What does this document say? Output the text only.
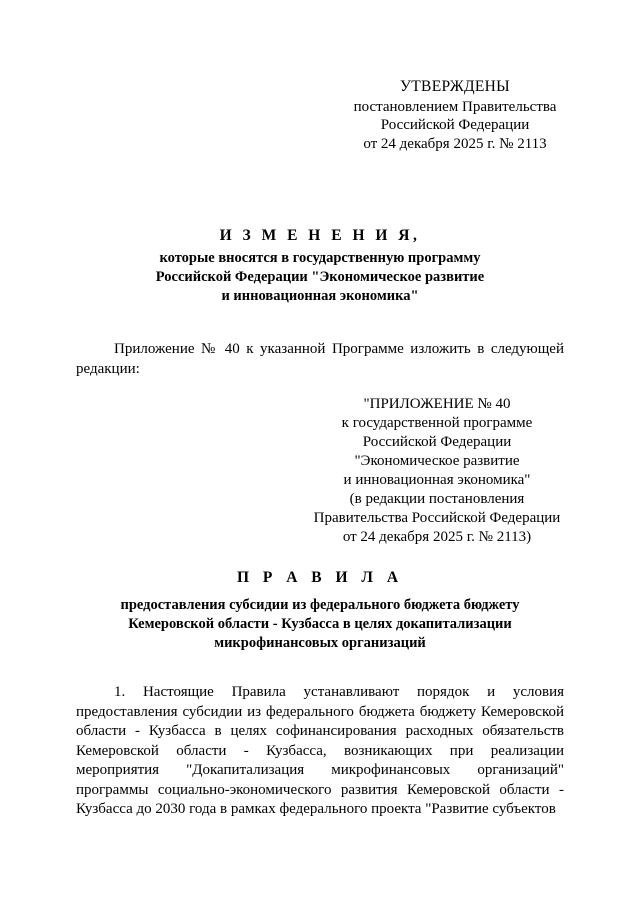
УТВЕРЖДЕНЫ
постановлением Правительства
Российской Федерации
от 24 декабря 2025 г. № 2113
И З М Е Н Е Н И Я,
которые вносятся в государственную программу
Российской Федерации "Экономическое развитие
и инновационная экономика"
Приложение № 40 к указанной Программе изложить в следующей редакции:
"ПРИЛОЖЕНИЕ № 40
к государственной программе
Российской Федерации
"Экономическое развитие
и инновационная экономика"
(в редакции постановления
Правительства Российской Федерации
от 24 декабря 2025 г. № 2113)
П Р А В И Л А
предоставления субсидии из федерального бюджета бюджету
Кемеровской области - Кузбасса в целях докапитализации
микрофинансовых организаций
1. Настоящие Правила устанавливают порядок и условия предоставления субсидии из федерального бюджета бюджету Кемеровской области - Кузбасса в целях софинансирования расходных обязательств Кемеровской области - Кузбасса, возникающих при реализации мероприятия "Докапитализация микрофинансовых организаций" программы социально-экономического развития Кемеровской области - Кузбасса до 2030 года в рамках федерального проекта "Развитие субъектов
